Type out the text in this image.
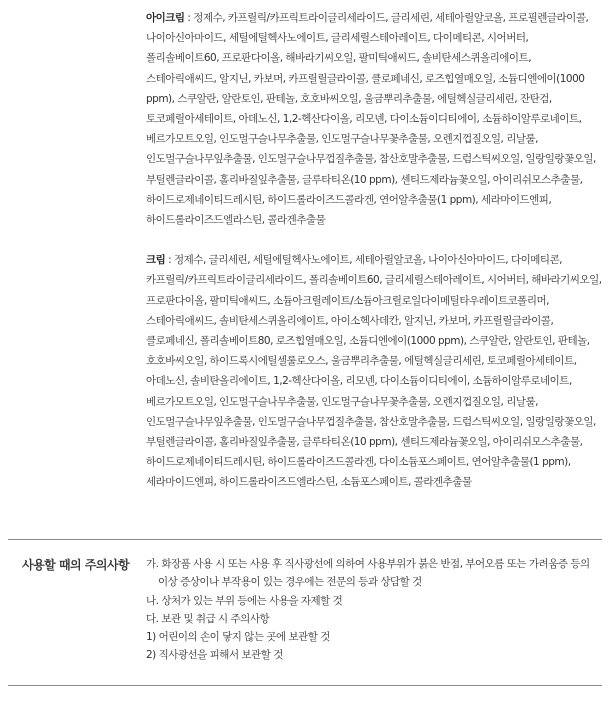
아이크림 : 정제수, 카프릴릭/카프릭트라이글리세라이드, 글리세린, 세테아릴알코올, 프로필렌글라이콜, 나이아신아마이드, 세틸에틸헥사노에이트, 글리세릴스테아레이트, 다이메티콘, 시어버터, 폴리솔베이트60, 프로판다이올, 해바라기씨오일, 팔미틱애씨드, 솔비탄세스퀴올리에이트, 스테아릭애씨드, 알지닌, 카보머, 카프릴릴글라이콜, 클로페네신, 로즈힙열매오일, 소듐디엔에이(1000 ppm), 스쿠알란, 알란토인, 판테놀, 호호바씨오일, 울금뿌리추출물, 에틸헥실글리세린, 잔탄검, 토코페릴아세테이트, 아데노신, 1,2-헥산다이올, 리모넨, 다이소듐이디티에이, 소듐하이알루로네이트, 베르가모트오일, 인도멀구슬나무추출물, 인도멀구슬나무꽃추출물, 오렌지껍질오일, 리날룰, 인도멀구슬나무잎추출물, 인도멀구슬나무껍질추출물, 참산호말추출물, 드럼스틱씨오일, 일랑일랑꽃오일, 부틸렌글라이콜, 홀리바질잎추출물, 글루타티온(10 ppm), 센티드제라늄꽃오일, 아이리쉬모스추출물, 하이드로제네이티드레시틴, 하이드롤라이즈드콜라겐, 연어알추출물(1 ppm), 세라마이드엔피, 하이드롤라이즈드엘라스틴, 콜라겐추출물

크림 : 정제수, 글리세린, 세틸에틸헥사노에이트, 세테아릴알코올, 나이아신아마이드, 다이메티콘, 카프릴릭/카프릭트라이글리세라이드, 폴리솔베이트60, 글리세릴스테아레이트, 시어버터, 해바라기씨오일, 프로판다이올, 팔미틱애씨드, 소듐아크릴레이트/소듐아크릴로일다이메틸타우레이트코폴리머, 스테아릭애씨드, 솔비탄세스퀴올리에이트, 아이소헥사데칸, 알지닌, 카보머, 카프릴릴글라이콜, 클로페네신, 폴리솔베이트80, 로즈힙열매오일, 소듐디엔에이(1000 ppm), 스쿠알란, 알란토인, 판테놀, 호호바씨오일, 하이드록시에틸셀룰로오스, 울금뿌리추출물, 에틸헥실글리세린, 토코페릴아세테이트, 아데노신, 솔비탄올리에이트, 1,2-헥산다이올, 리모넨, 다이소듐이디티에이, 소듐하이알루로네이트, 베르가모트오일, 인도멀구슬나무추출물, 인도멀구슬나무꽃추출물, 오렌지껍질오일, 리날룰, 인도멀구슬나무잎추출물, 인도멀구슬나무껍질추출물, 참산호말추출물, 드럼스틱씨오일, 일랑일랑꽃오일, 부틸렌글라이콜, 홀리바질잎추출물, 글루타티온(10 ppm), 센티드제라늄꽃오일, 아이리쉬모스추출물, 하이드로제네이티드레시틴, 하이드롤라이즈드콜라겐, 다이소듐포스페이트, 연어알추출물(1 ppm), 세라마이드엔피, 하이드롤라이즈드엘라스틴, 소듐포스페이트, 콜라겐추출물

사용할 때의 주의사항 가. 화장품 사용 시 또는 사용 후 직사광선에 의하여 사용부위가 붉은 반점, 부어오름 또는 가려움증 등의 이상 증상이나 부작용이 있는 경우에는 전문의 등과 상담할 것
나. 상처가 있는 부위 등에는 사용을 자제할 것
다. 보관 및 취급 시 주의사항
1) 어린이의 손이 닿지 않는 곳에 보관할 것
2) 직사광선을 피해서 보관할 것
